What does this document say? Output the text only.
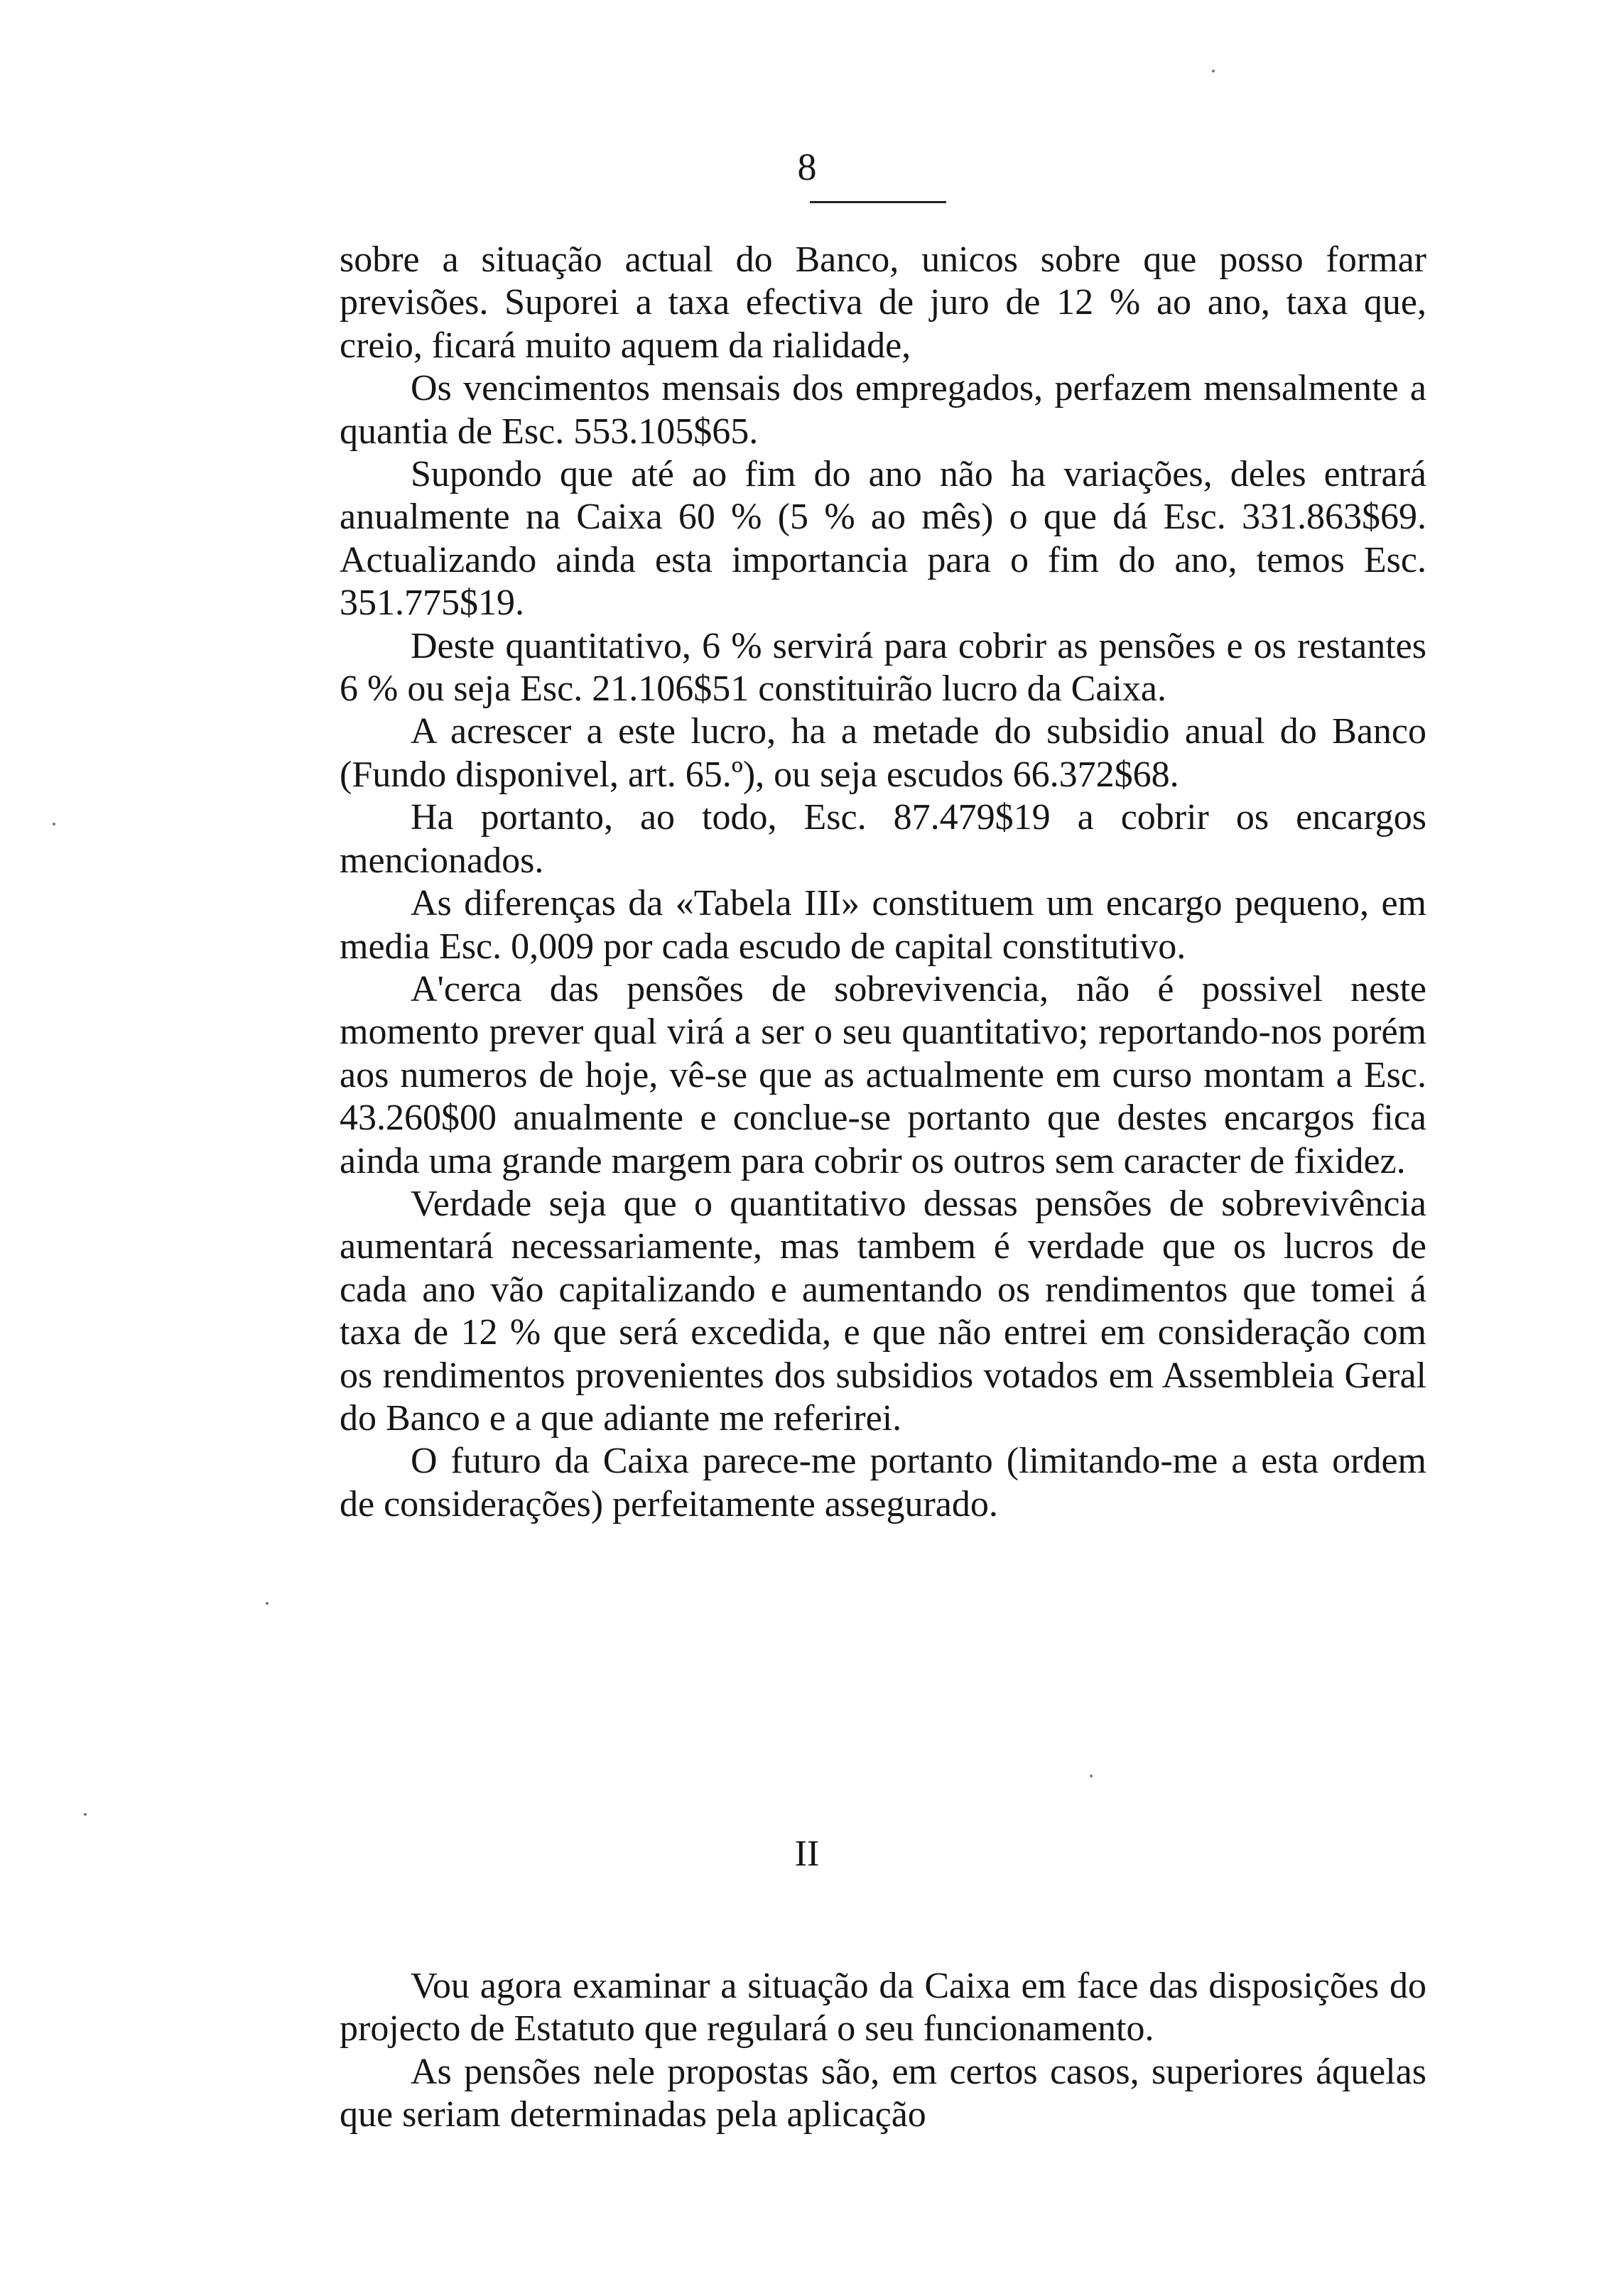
8

sobre a situação actual do Banco, unicos sobre que posso formar previsões. Suporei a taxa efectiva de juro de 12 % ao ano, taxa que, creio, ficará muito aquem da rialidade,

Os vencimentos mensais dos empregados, perfazem mensalmente a quantia de Esc. 553.105$65.

Supondo que até ao fim do ano não ha variações, deles entrará anualmente na Caixa 60 % (5 % ao mês) o que dá Esc. 331.863$69. Actualizando ainda esta importancia para o fim do ano, temos Esc. 351.775$19.

Deste quantitativo, 6 % servirá para cobrir as pensões e os restantes 6 % ou seja Esc. 21.106$51 constituirão lucro da Caixa.

A acrescer a este lucro, ha a metade do subsidio anual do Banco (Fundo disponivel, art. 65.º), ou seja escudos 66.372$68.

Ha portanto, ao todo, Esc. 87.479$19 a cobrir os encargos mencionados.

As diferenças da «Tabela III» constituem um encargo pequeno, em media Esc. 0,009 por cada escudo de capital constitutivo.

A'cerca das pensões de sobrevivencia, não é possivel neste momento prever qual virá a ser o seu quantitativo; reportando-nos porém aos numeros de hoje, vê-se que as actualmente em curso montam a Esc. 43.260$00 anualmente e conclue-se portanto que destes encargos fica ainda uma grande margem para cobrir os outros sem caracter de fixidez.

Verdade seja que o quantitativo dessas pensões de sobrevivência aumentará necessariamente, mas tambem é verdade que os lucros de cada ano vão capitalizando e aumentando os rendimentos que tomei á taxa de 12 % que será excedida, e que não entrei em consideração com os rendimentos provenientes dos subsidios votados em Assembleia Geral do Banco e a que adiante me referirei.

O futuro da Caixa parece-me portanto (limitando-me a esta ordem de considerações) perfeitamente assegurado.

II

Vou agora examinar a situação da Caixa em face das disposições do projecto de Estatuto que regulará o seu funcionamento.

As pensões nele propostas são, em certos casos, superiores áquelas que seriam determinadas pela aplicação
